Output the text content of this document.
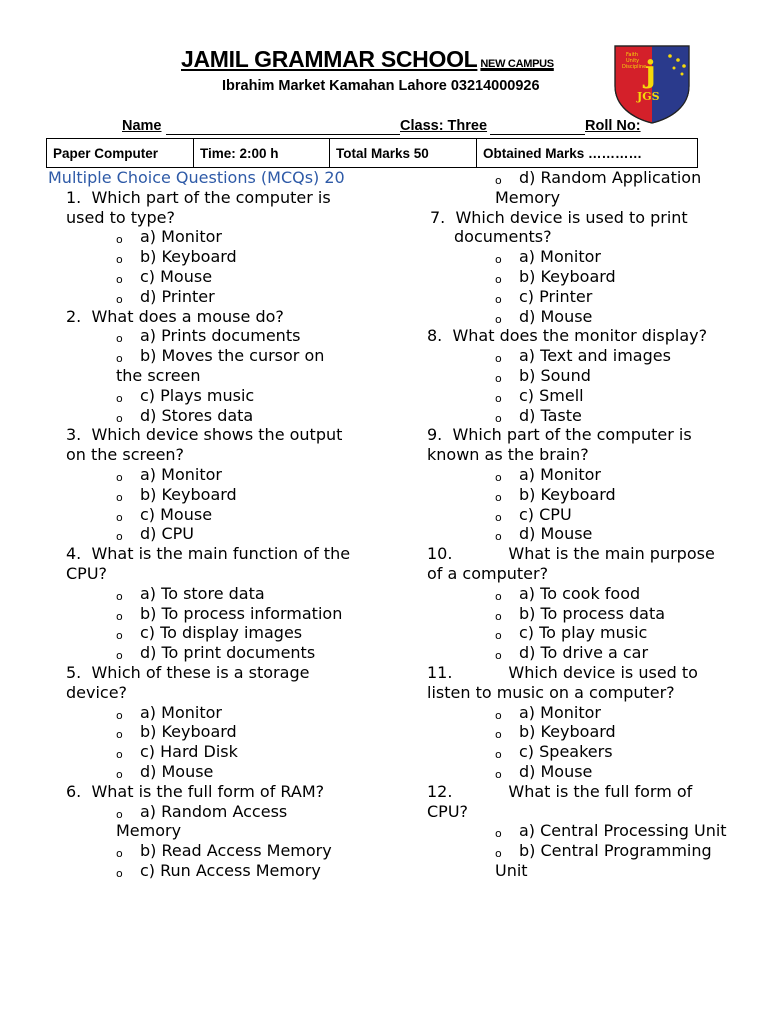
JAMIL GRAMMAR SCHOOL NEW CAMPUS
Ibrahim Market Kamahan Lahore 03214000926
Faith
Unity
Discipline
j
JGS
Name	Class: Three	Roll No:
Paper Computer	Time: 2:00 h	Total Marks 50	Obtained Marks …………
Multiple Choice Questions (MCQs) 20
1. Which part of the computer is used to type?
o	a) Monitor
o	b) Keyboard
o	c) Mouse
o	d) Printer
2. What does a mouse do?
o	a) Prints documents
o	b) Moves the cursor on the screen
o	c) Plays music
o	d) Stores data
3. Which device shows the output on the screen?
o	a) Monitor
o	b) Keyboard
o	c) Mouse
o	d) CPU
4. What is the main function of the CPU?
o	a) To store data
o	b) To process information
o	c) To display images
o	d) To print documents
5. Which of these is a storage device?
o	a) Monitor
o	b) Keyboard
o	c) Hard Disk
o	d) Mouse
6. What is the full form of RAM?
o	a) Random Access Memory
o	b) Read Access Memory
o	c) Run Access Memory
o	d) Random Application Memory
7. Which device is used to print documents?
o	a) Monitor
o	b) Keyboard
o	c) Printer
o	d) Mouse
8. What does the monitor display?
o	a) Text and images
o	b) Sound
o	c) Smell
o	d) Taste
9. Which part of the computer is known as the brain?
o	a) Monitor
o	b) Keyboard
o	c) CPU
o	d) Mouse
10.	What is the main purpose of a computer?
o	a) To cook food
o	b) To process data
o	c) To play music
o	d) To drive a car
11.	Which device is used to listen to music on a computer?
o	a) Monitor
o	b) Keyboard
o	c) Speakers
o	d) Mouse
12.	What is the full form of CPU?
o	a) Central Processing Unit
o	b) Central Programming Unit
